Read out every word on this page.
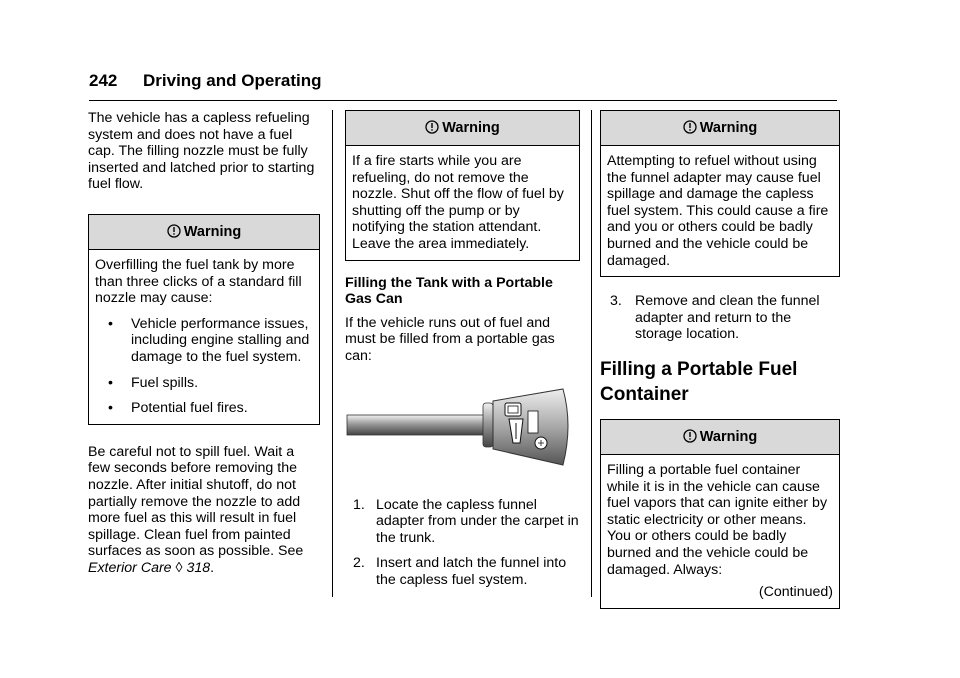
242 Driving and Operating

The vehicle has a capless refueling system and does not have a fuel cap. The filling nozzle must be fully inserted and latched prior to starting fuel flow.

Warning
Overfilling the fuel tank by more than three clicks of a standard fill nozzle may cause:
• Vehicle performance issues, including engine stalling and damage to the fuel system.
• Fuel spills.
• Potential fuel fires.

Be careful not to spill fuel. Wait a few seconds before removing the nozzle. After initial shutoff, do not partially remove the nozzle to add more fuel as this will result in fuel spillage. Clean fuel from painted surfaces as soon as possible. See Exterior Care ◊ 318.

Warning
If a fire starts while you are refueling, do not remove the nozzle. Shut off the flow of fuel by shutting off the pump or by notifying the station attendant. Leave the area immediately.
Filling the Tank with a Portable Gas Can

If the vehicle runs out of fuel and must be filled from a portable gas can:

1. Locate the capless funnel adapter from under the carpet in the trunk.
2. Insert and latch the funnel into the capless fuel system.
Warning
Attempting to refuel without using the funnel adapter may cause fuel spillage and damage the capless fuel system. This could cause a fire and you or others could be badly burned and the vehicle could be damaged.
3. Remove and clean the funnel adapter and return to the storage location.
Filling a Portable Fuel Container
Warning
Filling a portable fuel container while it is in the vehicle can cause fuel vapors that can ignite either by static electricity or other means. You or others could be badly burned and the vehicle could be damaged. Always:
(Continued)
